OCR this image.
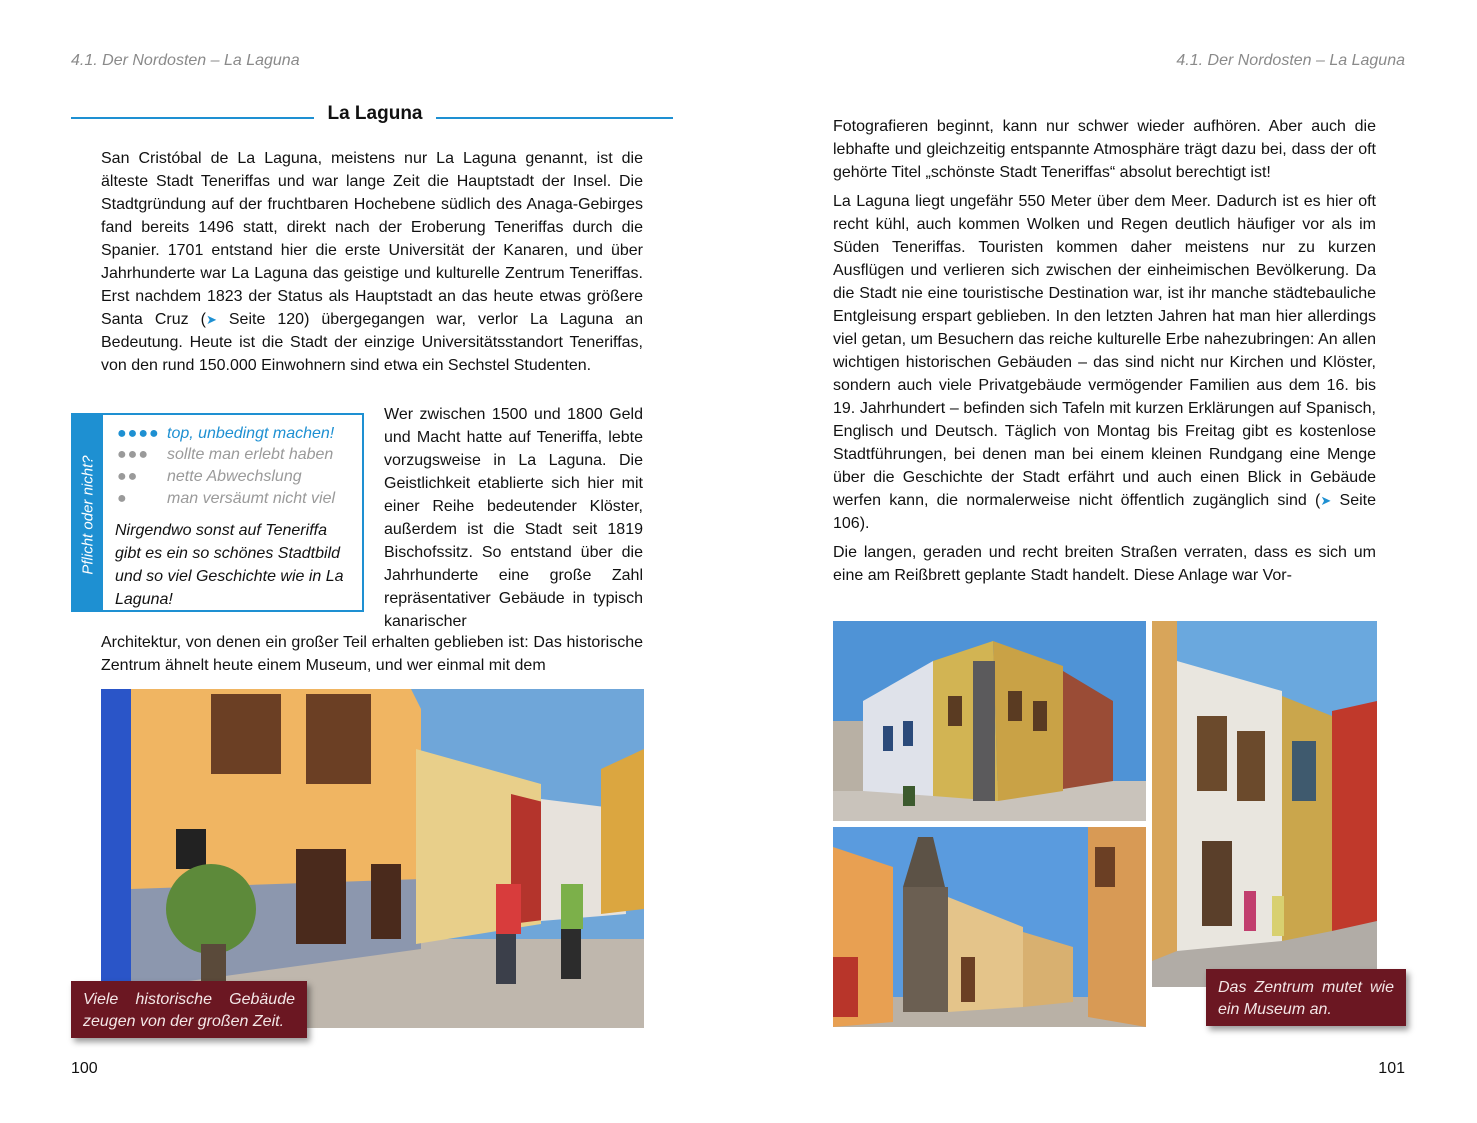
4.1. Der Nordosten – La Laguna	4.1. Der Nordosten – La Laguna
La Laguna

San Cristóbal de La Laguna, meistens nur La Laguna genannt, ist die älteste Stadt Teneriffas und war lange Zeit die Hauptstadt der Insel. Die Stadtgründung auf der fruchtbaren Hochebene südlich des Anaga-Gebirges fand bereits 1496 statt, direkt nach der Eroberung Teneriffas durch die Spanier. 1701 entstand hier die erste Universität der Kanaren, und über Jahrhunderte war La Laguna das geistige und kulturelle Zentrum Teneriffas. Erst nachdem 1823 der Status als Hauptstadt an das heute etwas größere Santa Cruz (➤ Seite 120) übergegangen war, verlor La Laguna an Bedeutung. Heute ist die Stadt der einzige Universitätsstandort Teneriffas, von den rund 150.000 Einwohnern sind etwa ein Sechstel Studenten.

Pflicht oder nicht?
●●●● top, unbedingt machen!
●●● sollte man erlebt haben
●● nette Abwechslung
● man versäumt nicht viel
Nirgendwo sonst auf Teneriffa gibt es ein so schönes Stadtbild und so viel Geschichte wie in La Laguna!

Wer zwischen 1500 und 1800 Geld und Macht hatte auf Teneriffa, lebte vorzugsweise in La Laguna. Die Geistlichkeit etablierte sich hier mit einer Reihe bedeutender Klöster, außerdem ist die Stadt seit 1819 Bischofssitz. So entstand über die Jahrhunderte eine große Zahl repräsentativer Gebäude in typisch kanarischer

Architektur, von denen ein großer Teil erhalten geblieben ist: Das historische Zentrum ähnelt heute einem Museum, und wer einmal mit dem

Viele historische Gebäude zeugen von der großen Zeit.
100

Fotografieren beginnt, kann nur schwer wieder aufhören. Aber auch die lebhafte und gleichzeitig entspannte Atmosphäre trägt dazu bei, dass der oft gehörte Titel „schönste Stadt Teneriffas“ absolut berechtigt ist!

La Laguna liegt ungefähr 550 Meter über dem Meer. Dadurch ist es hier oft recht kühl, auch kommen Wolken und Regen deutlich häufiger vor als im Süden Teneriffas. Touristen kommen daher meistens nur zu kurzen Ausflügen und verlieren sich zwischen der einheimischen Bevölkerung. Da die Stadt nie eine touristische Destination war, ist ihr manche städtebauliche Entgleisung erspart geblieben. In den letzten Jahren hat man hier allerdings viel getan, um Besuchern das reiche kulturelle Erbe nahezubringen: An allen wichtigen historischen Gebäuden – das sind nicht nur Kirchen und Klöster, sondern auch viele Privatgebäude vermögender Familien aus dem 16. bis 19. Jahrhundert – befinden sich Tafeln mit kurzen Erklärungen auf Spanisch, Englisch und Deutsch. Täglich von Montag bis Freitag gibt es kostenlose Stadtführungen, bei denen man bei einem kleinen Rundgang eine Menge über die Geschichte der Stadt erfährt und auch einen Blick in Gebäude werfen kann, die normalerweise nicht öffentlich zugänglich sind (➤ Seite 106).

Die langen, geraden und recht breiten Straßen verraten, dass es sich um eine am Reißbrett geplante Stadt handelt. Diese Anlage war Vor-

Das Zentrum mutet wie ein Museum an.
101
